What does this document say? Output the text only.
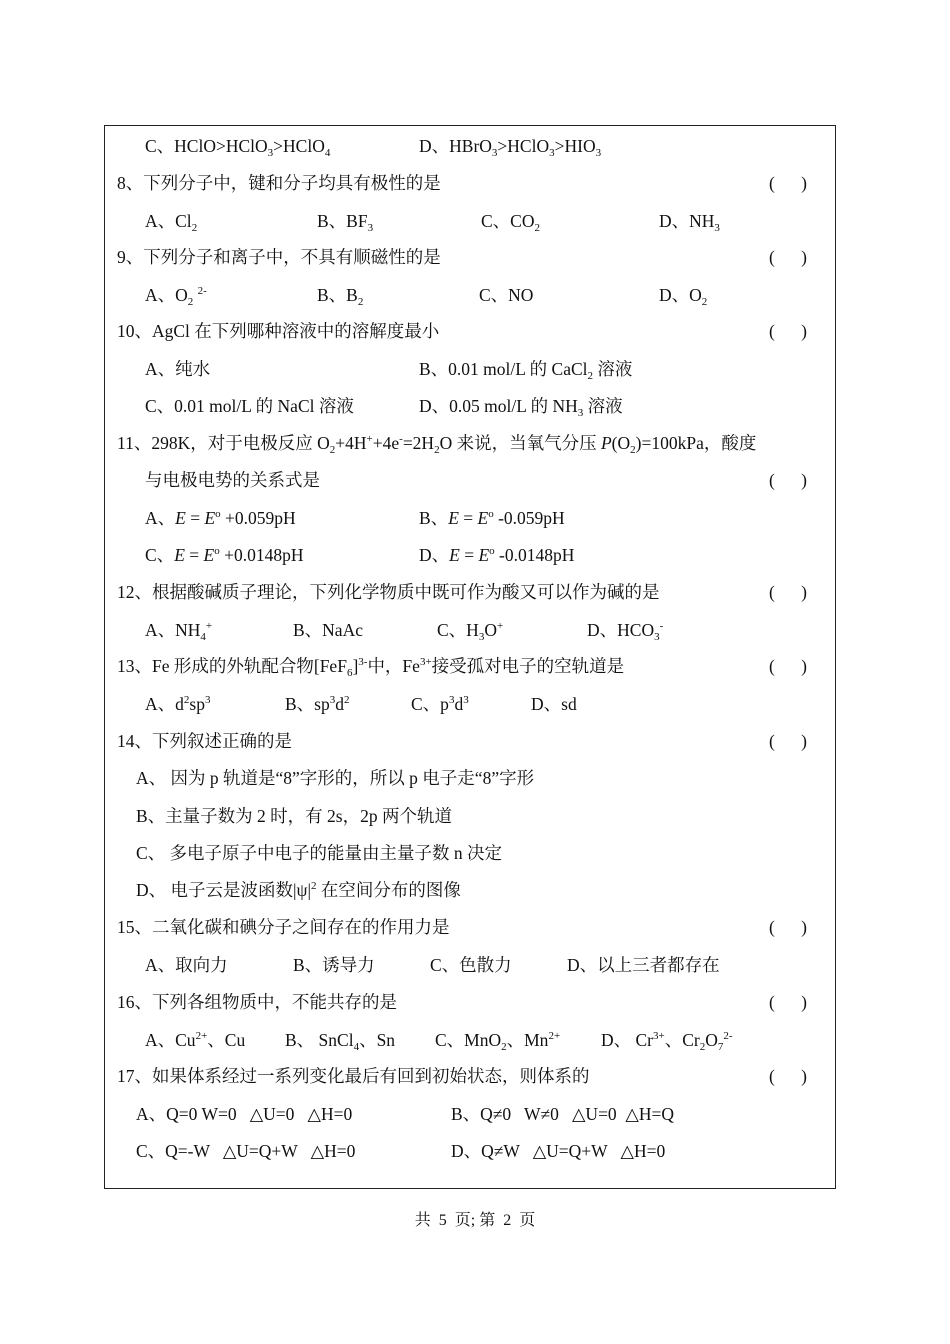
C、HClO>HClO$_3$>HClO$_4$	D、$HBrO_3>HClO_3>HIO_3$
8、下列分子中，键和分子均具有极性的是	(      )
A、$Cl_2$	B、$BF_3$	C、$CO_2$	D、$NH_3$
9、下列分子和离子中，不具有顺磁性的是	(      )
A、$O_2$ $^{2-}$	B、$B_2$	C、NO	D、$O_2$
10、AgCl 在下列哪种溶液中的溶解度最小	(      )
A、纯水	B、0.01 mol/L 的 CaCl$_2$ 溶液
C、0.01 mol/L 的 NaCl 溶液	D、0.05 mol/L 的 $NH_3$ 溶液
11、298K，对于电极反应 $O_2+4H^++4e^-=2H_2O$ 来说，当氧气分压 $P(O_2)=100kPa$，酸度
与电极电势的关系式是	(      )
A、$E = E^o +0.059pH$	B、$E = E^o$ -0.059pH
C、$E = E^o +0.0148pH$	D、$E = E^o$ -0.0148pH
12、根据酸碱质子理论，下列化学物质中既可作为酸又可以作为碱的是	(      )
A、$NH_4^+$	B、NaAc	C、$H_3O^+$	D、$HCO_3^-$
13、Fe 形成的外轨配合物$[FeF_6]^{3-}$中，$Fe^{3+}$接受孤对电子的空轨道是	(      )
A、$d^2sp^3$	B、$sp^3d^2$	C、$p^3d^3$	D、sd
14、下列叙述正确的是	(      )
A、 因为 p 轨道是“8”字形的，所以 p 电子走“8”字形
B、主量子数为 2 时，有 2s，2p 两个轨道
C、 多电子原子中电子的能量由主量子数 n 决定
D、 电子云是波函数$|\psi|^2$ 在空间分布的图像
15、二氧化碳和碘分子之间存在的作用力是	(      )
A、取向力	B、诱导力	C、色散力	D、以上三者都存在
16、下列各组物质中，不能共存的是	(      )
A、$Cu^{2+}$、Cu B、 SnCl$_4$、Sn C、MnO$_2$、$Mn^{2+}$ D、 $Cr^{3+}$、$Cr_2O_7^{2-}$
17、如果体系经过一系列变化最后有回到初始状态，则体系的	(      )
A、Q=0 W=0   △U=0   △H=0	B、Q≠0   W≠0   △U=0  △H=Q
C、Q=-W   △U=Q+W   △H=0	D、Q≠W   △U=Q+W   △H=0
共 5 页; 第 2 页
